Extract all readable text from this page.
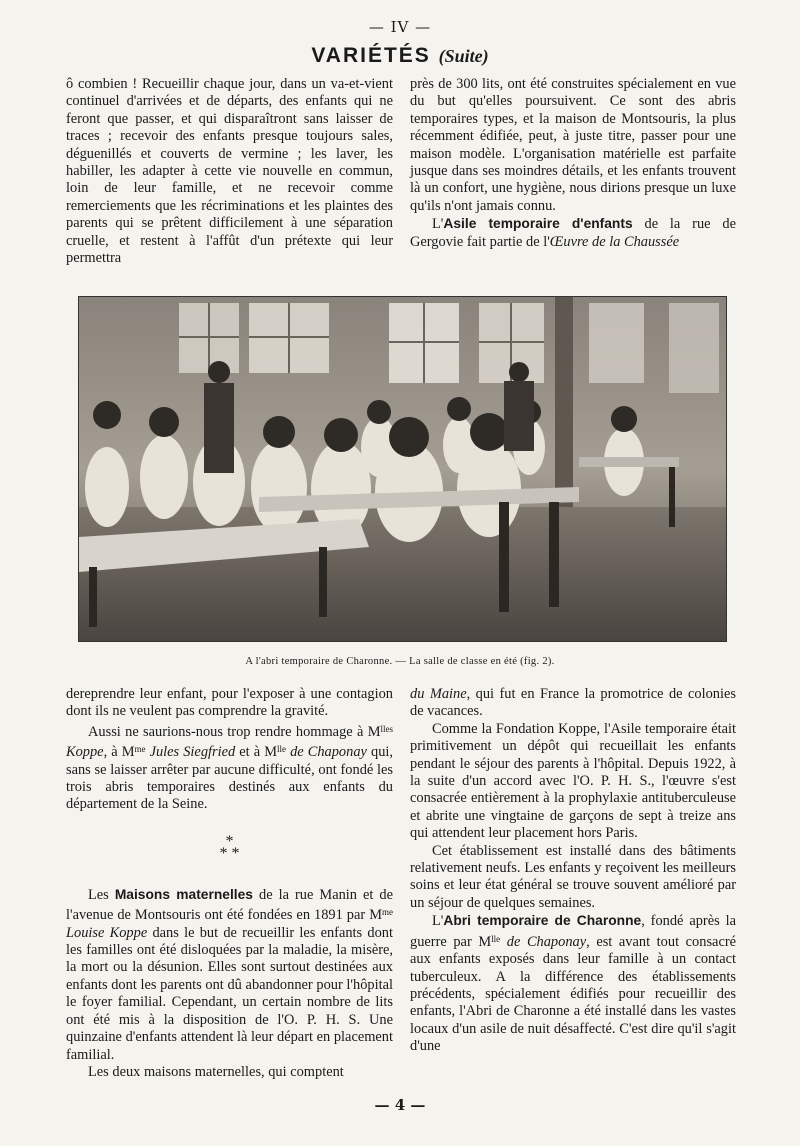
— IV —
VARIÉTÉS (Suite)

ô combien ! Recueillir chaque jour, dans un va-et-vient continuel d'arrivées et de départs, des enfants qui ne feront que passer, et qui disparaîtront sans laisser de traces ; recevoir des enfants presque toujours sales, déguenillés et couverts de vermine ; les laver, les habiller, les adapter à cette vie nouvelle en commun, loin de leur famille, et ne recevoir comme remerciements que les récriminations et les plaintes des parents qui se prêtent difficilement à une séparation cruelle, et restent à l'affût d'un prétexte qui leur permettra

près de 300 lits, ont été construites spécialement en vue du but qu'elles poursuivent. Ce sont des abris temporaires types, et la maison de Montsouris, la plus récemment édifiée, peut, à juste titre, passer pour une maison modèle. L'organisation matérielle est parfaite jusque dans ses moindres détails, et les enfants trouvent là un confort, une hygiène, nous dirions presque un luxe qu'ils n'ont jamais connu.

L'Asile temporaire d'enfants de la rue de Gergovie fait partie de l'Œuvre de la Chaussée

A l'abri temporaire de Charonne. — La salle de classe en été (fig. 2).

dereprendre leur enfant, pour l'exposer à une contagion dont ils ne veulent pas comprendre la gravité.

Aussi ne saurions-nous trop rendre hommage à $M^{lles}$ Koppe, à $M^{me}$ Jules Siegfried et à $M^{lle}$ de Chaponay qui, sans se laisser arrêter par aucune difficulté, ont fondé les trois abris temporaires destinés aux enfants du département de la Seine.

*
* *

Les Maisons maternelles de la rue Manin et de l'avenue de Montsouris ont été fondées en 1891 par $M^{me}$ Louise Koppe dans le but de recueillir les enfants dont les familles ont été disloquées par la maladie, la misère, la mort ou la désunion. Elles sont surtout destinées aux enfants dont les parents ont dû abandonner pour l'hôpital le foyer familial. Cependant, un certain nombre de lits ont été mis à la disposition de l'O. P. H. S. Une quinzaine d'enfants attendent là leur départ en placement familial.

Les deux maisons maternelles, qui comptent

du Maine, qui fut en France la promotrice de colonies de vacances.

Comme la Fondation Koppe, l'Asile temporaire était primitivement un dépôt qui recueillait les enfants pendant le séjour des parents à l'hôpital. Depuis 1922, à la suite d'un accord avec l'O. P. H. S., l'œuvre s'est consacrée entièrement à la prophylaxie antituberculeuse et abrite une vingtaine de garçons de sept à treize ans qui attendent leur placement hors Paris.

Cet établissement est installé dans des bâtiments relativement neufs. Les enfants y reçoivent les meilleurs soins et leur état général se trouve souvent amélioré par un séjour de quelques semaines.

L'Abri temporaire de Charonne, fondé après la guerre par $M^{lle}$ de Chaponay, est avant tout consacré aux enfants exposés dans leur famille à un contact tuberculeux. A la différence des établissements précédents, spécialement édifiés pour recueillir des enfants, l'Abri de Charonne a été installé dans les vastes locaux d'un asile de nuit désaffecté. C'est dire qu'il s'agit d'une

— 4 —
